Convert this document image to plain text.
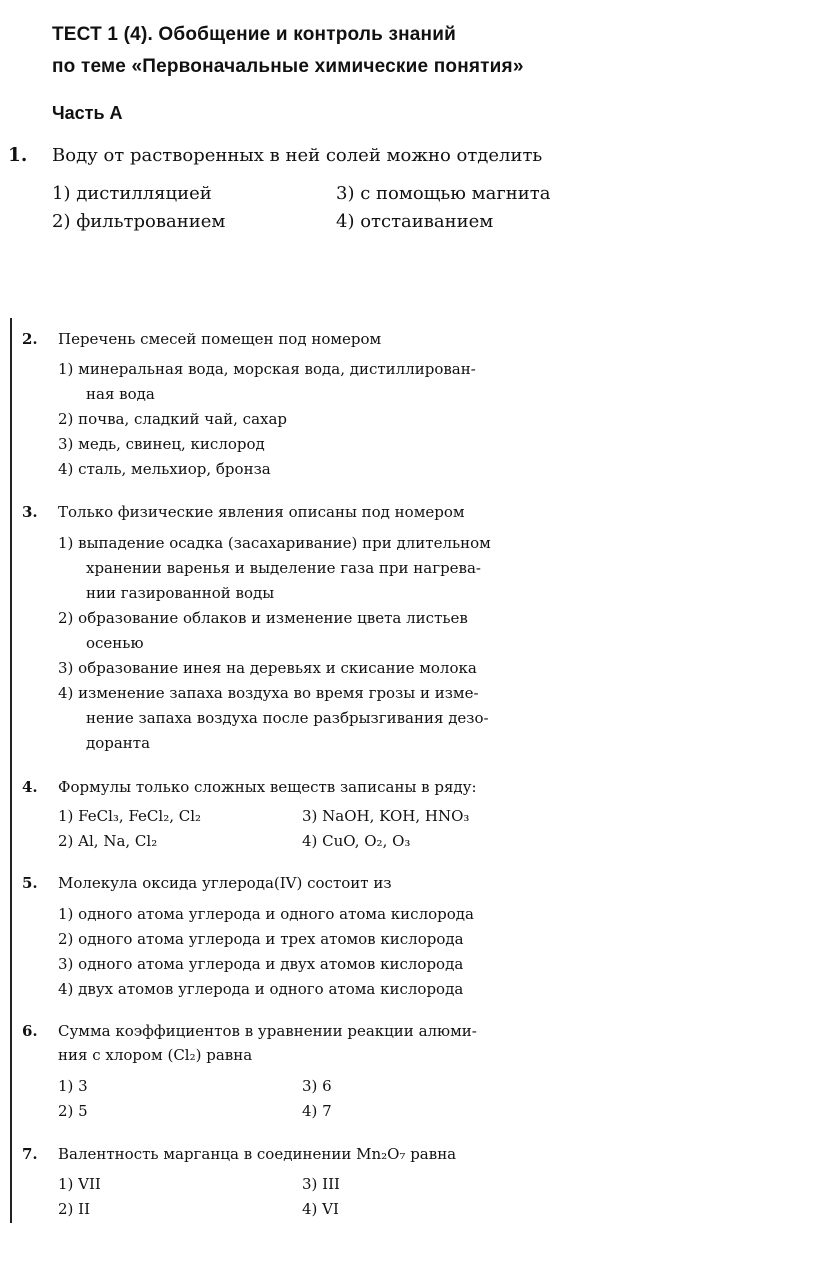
ТЕСТ 1 (4). Обобщение и контроль знаний
по теме «Первоначальные химические понятия»
Часть А
1. Воду от растворенных в ней солей можно отделить
1) дистилляцией
2) фильтрованием
3) с помощью магнита
4) отстаиванием
2. Перечень смесей помещен под номером
1) минеральная вода, морская вода, дистиллирован-
ная вода
2) почва, сладкий чай, сахар
3) медь, свинец, кислород
4) сталь, мельхиор, бронза
3. Только физические явления описаны под номером
1) выпадение осадка (засахаривание) при длительном
хранении варенья и выделение газа при нагрева-
нии газированной воды
2) образование облаков и изменение цвета листьев
осенью
3) образование инея на деревьях и скисание молока
4) изменение запаха воздуха во время грозы и изме-
нение запаха воздуха после разбрызгивания дезо-
доранта
4. Формулы только сложных веществ записаны в ряду:
1) FeCl₃, FeCl₂, Cl₂
2) Al, Na, Cl₂
3) NaOH, KOH, HNO₃
4) CuO, O₂, O₃
5. Молекула оксида углерода(IV) состоит из
1) одного атома углерода и одного атома кислорода
2) одного атома углерода и трех атомов кислорода
3) одного атома углерода и двух атомов кислорода
4) двух атомов углерода и одного атома кислорода
6. Сумма коэффициентов в уравнении реакции алюми-
ния с хлором (Cl₂) равна
1) 3
2) 5
3) 6
4) 7
7. Валентность марганца в соединении Mn₂O₇ равна
1) VII
2) II
3) III
4) VI
